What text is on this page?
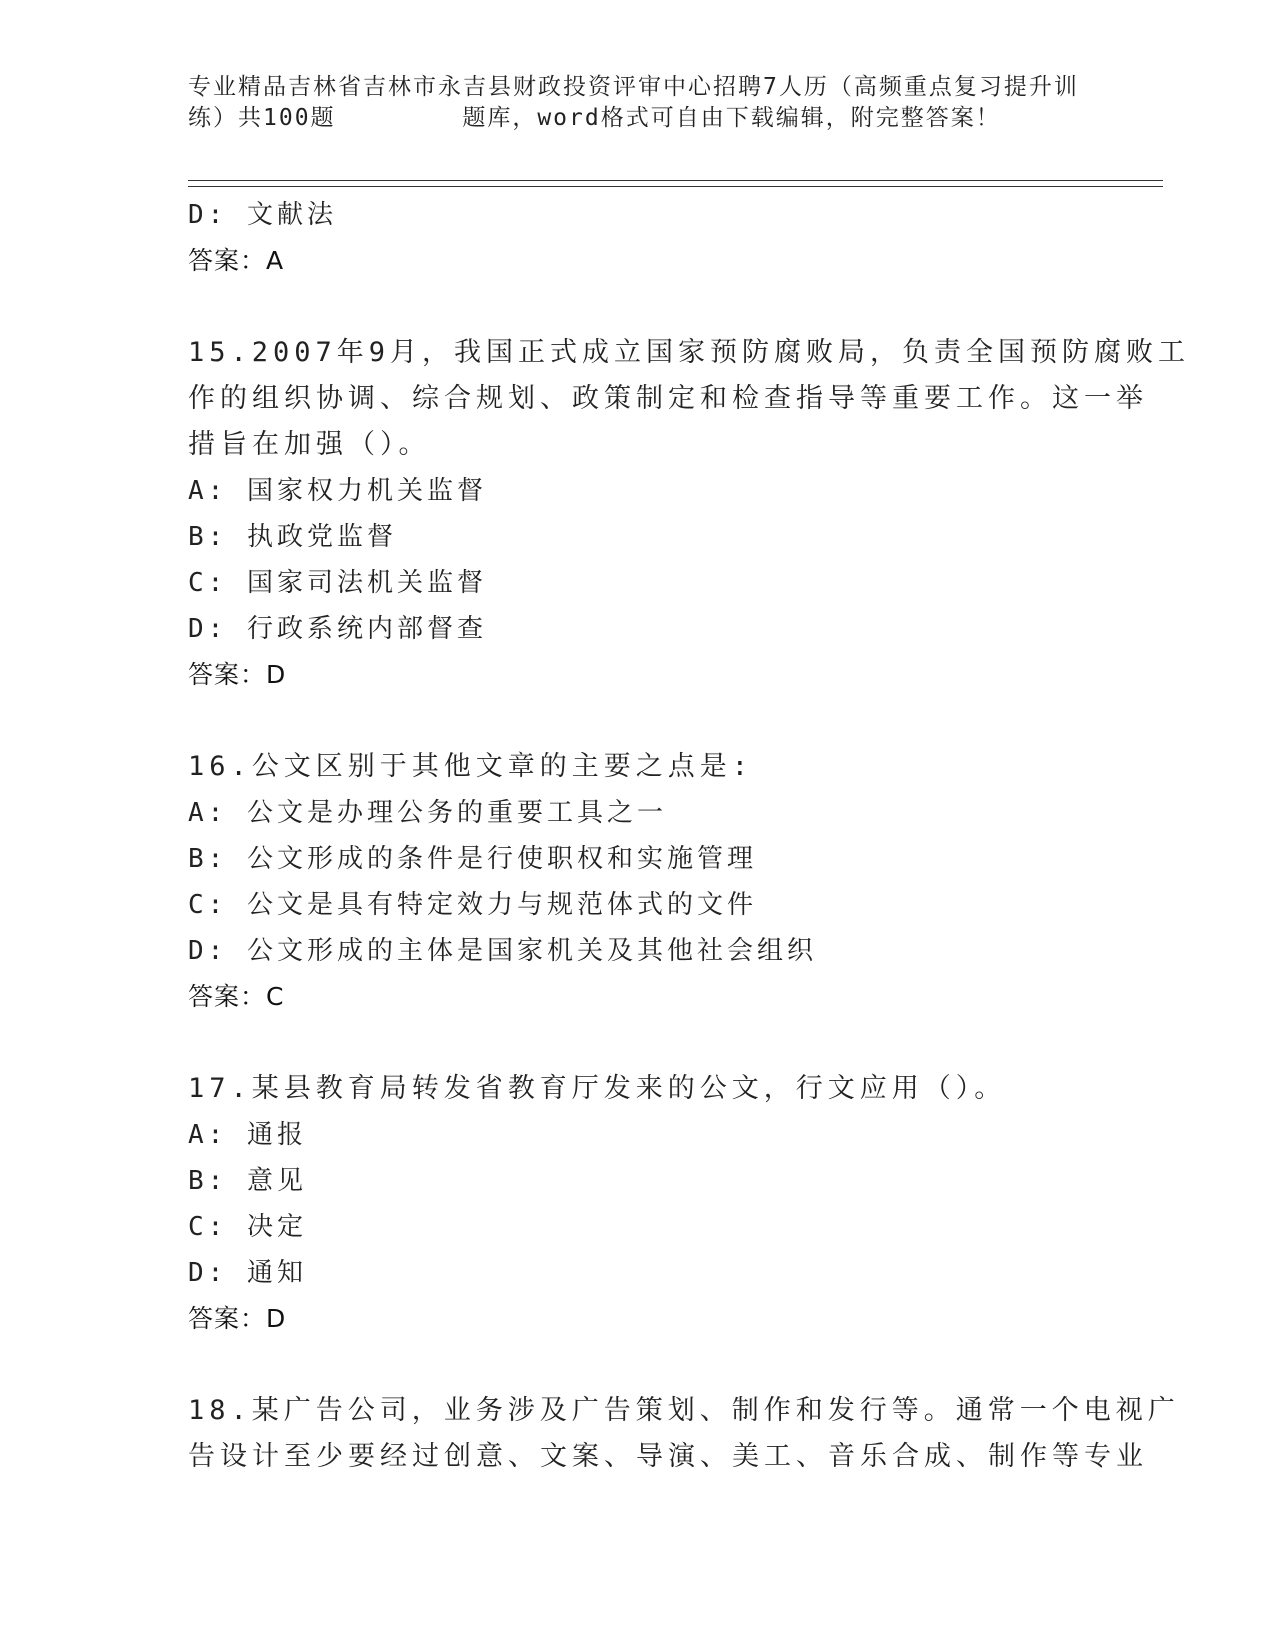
专业精品吉林省吉林市永吉县财政投资评审中心招聘7人历（高频重点复习提升训
练）共100题        题库，word格式可自由下载编辑，附完整答案！
D: 文献法
答案：A
15.2007年9月，我国正式成立国家预防腐败局，负责全国预防腐败工
作的组织协调、综合规划、政策制定和检查指导等重要工作。这一举
措旨在加强（）。
A: 国家权力机关监督
B: 执政党监督
C: 国家司法机关监督
D: 行政系统内部督查
答案：D
16.公文区别于其他文章的主要之点是:
A: 公文是办理公务的重要工具之一
B: 公文形成的条件是行使职权和实施管理
C: 公文是具有特定效力与规范体式的文件
D: 公文形成的主体是国家机关及其他社会组织
答案：C
17.某县教育局转发省教育厅发来的公文，行文应用（）。
A: 通报
B: 意见
C: 决定
D: 通知
答案：D
18.某广告公司，业务涉及广告策划、制作和发行等。通常一个电视广
告设计至少要经过创意、文案、导演、美工、音乐合成、制作等专业
